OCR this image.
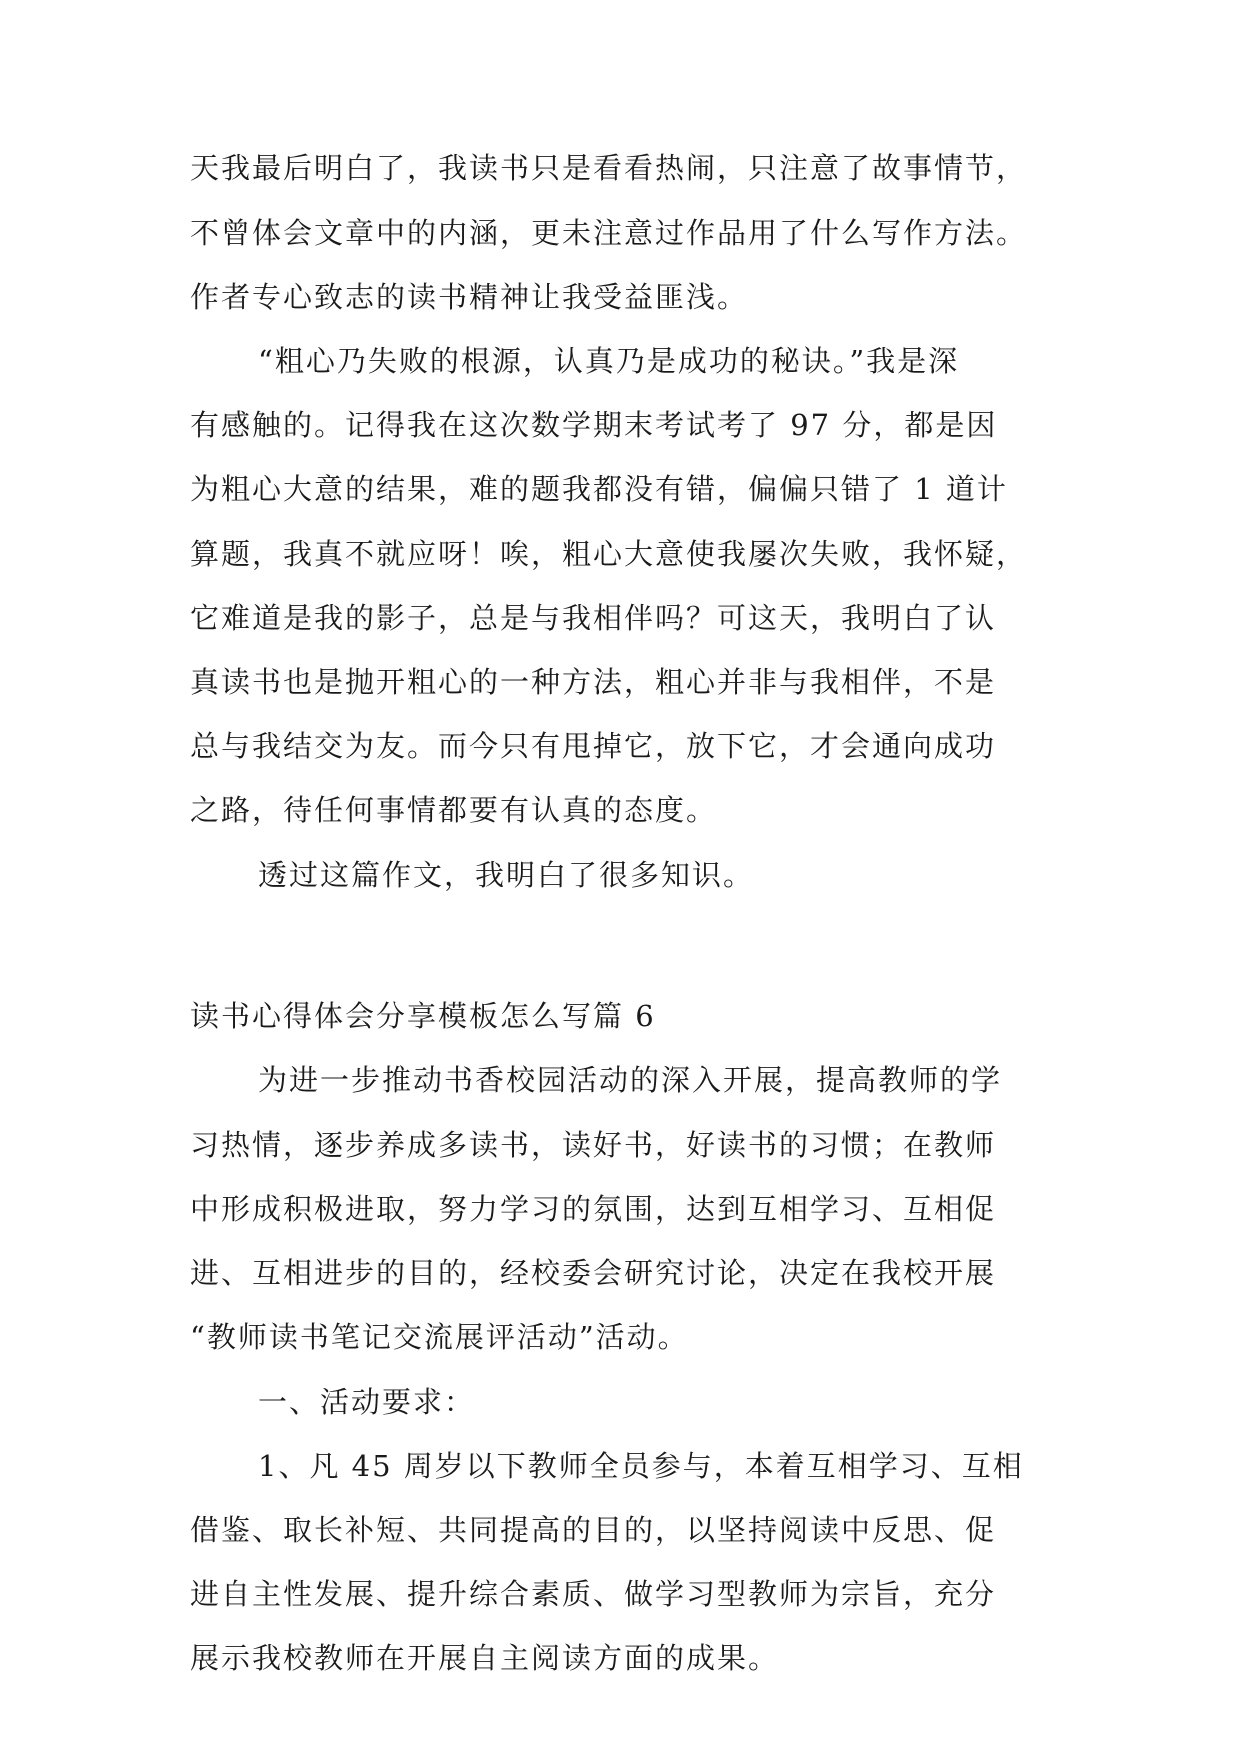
天我最后明白了，我读书只是看看热闹，只注意了故事情节，
不曾体会文章中的内涵，更未注意过作品用了什么写作方法。
作者专心致志的读书精神让我受益匪浅。
“粗心乃失败的根源，认真乃是成功的秘诀。”我是深
有感触的。记得我在这次数学期末考试考了 97 分，都是因
为粗心大意的结果，难的题我都没有错，偏偏只错了 1 道计
算题，我真不就应呀！唉，粗心大意使我屡次失败，我怀疑，
它难道是我的影子，总是与我相伴吗？可这天，我明白了认
真读书也是抛开粗心的一种方法，粗心并非与我相伴，不是
总与我结交为友。而今只有甩掉它，放下它，才会通向成功
之路，待任何事情都要有认真的态度。
透过这篇作文，我明白了很多知识。
读书心得体会分享模板怎么写篇 6
为进一步推动书香校园活动的深入开展，提高教师的学
习热情，逐步养成多读书，读好书，好读书的习惯；在教师
中形成积极进取，努力学习的氛围，达到互相学习、互相促
进、互相进步的目的，经校委会研究讨论，决定在我校开展
“教师读书笔记交流展评活动”活动。
一、活动要求：
1、凡 45 周岁以下教师全员参与，本着互相学习、互相
借鉴、取长补短、共同提高的目的，以坚持阅读中反思、促
进自主性发展、提升综合素质、做学习型教师为宗旨，充分
展示我校教师在开展自主阅读方面的成果。
